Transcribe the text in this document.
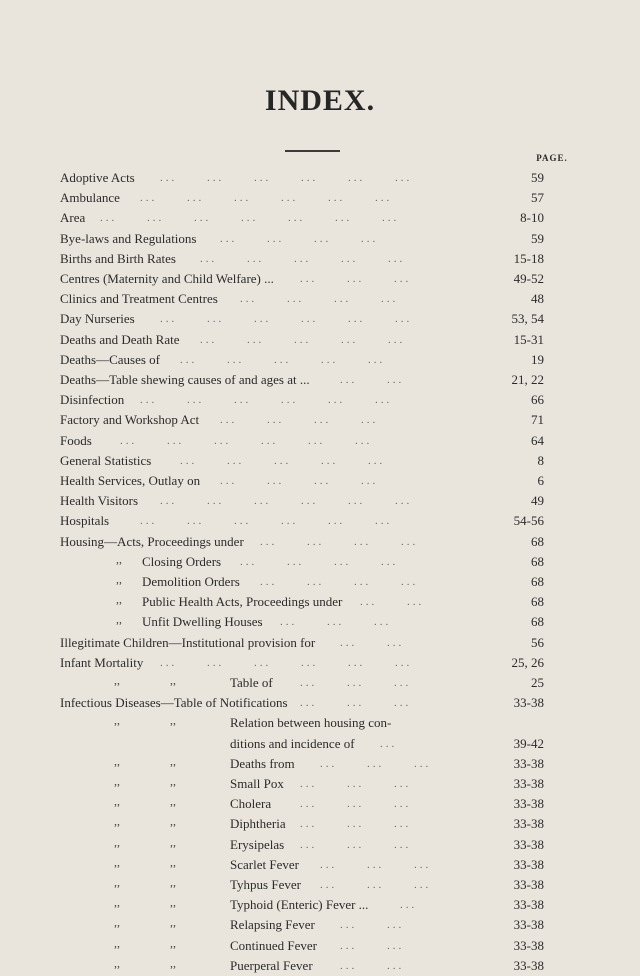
INDEX.
PAGE.
Adoptive Acts ... ... ... ... ... ...	59
Ambulance ... ... ... ... ... ...	57
Area ... ... ... ... ... ... ...	8-10
Bye-laws and Regulations ... ... ... ...	59
Births and Birth Rates ... ... ... ... ...	15-18
Centres (Maternity and Child Welfare) ... ... ... ...	49-52
Clinics and Treatment Centres ... ... ... ...	48
Day Nurseries ... ... ... ... ... ...	53, 54
Deaths and Death Rate ... ... ... ... ...	15-31
Deaths—Causes of ... ... ... ... ...	19
Deaths—Table shewing causes of and ages at ...	... ...	21, 22
Disinfection ... ... ... ... ... ...	66
Factory and Workshop Act ... ... ... ...	71
Foods	... ... ... ... ... ...	64
General Statistics	... ... ... ... ...	8
Health Services, Outlay on ... ... ... ...	6
Health Visitors ... ... ... ... ... ...	49
Hospitals	... ... ... ... ... ...	54-56
Housing—Acts, Proceedings under ... ... ... ...	68
,, Closing Orders ... ... ... ...	68
,, Demolition Orders ... ... ... ...	68
,, Public Health Acts, Proceedings under ... ...	68
,, Unfit Dwelling Houses ... ... ...	68
Illegitimate Children—Institutional provision for ... ...	56
Infant Mortality ... ... ... ... ... ...	25, 26
,,	,,	Table of ... ... ...	25
Infectious Diseases—Table of Notifications ... ... ...	33-38
,,	,,	Relation between housing con-
ditions and incidence of ...	39-42
,,	,,	Deaths from ... ... ...	33-38
,,	,,	Small Pox ... ... ...	33-38
,,	,,	Cholera	... ... ...	33-38
,,	,,	Diphtheria ... ... ...	33-38
,,	,,	Erysipelas ... ... ...	33-38
,,	,,	Scarlet Fever ... ... ...	33-38
,,	,,	Tyhpus Fever ... ... ...	33-38
,,	,,	Typhoid (Enteric) Fever ...	...	33-38
,,	,,	Relapsing Fever ... ...	33-38
,,	,,	Continued Fever ... ...	33-38
,,	,,	Puerperal Fever ... ...	33-38
